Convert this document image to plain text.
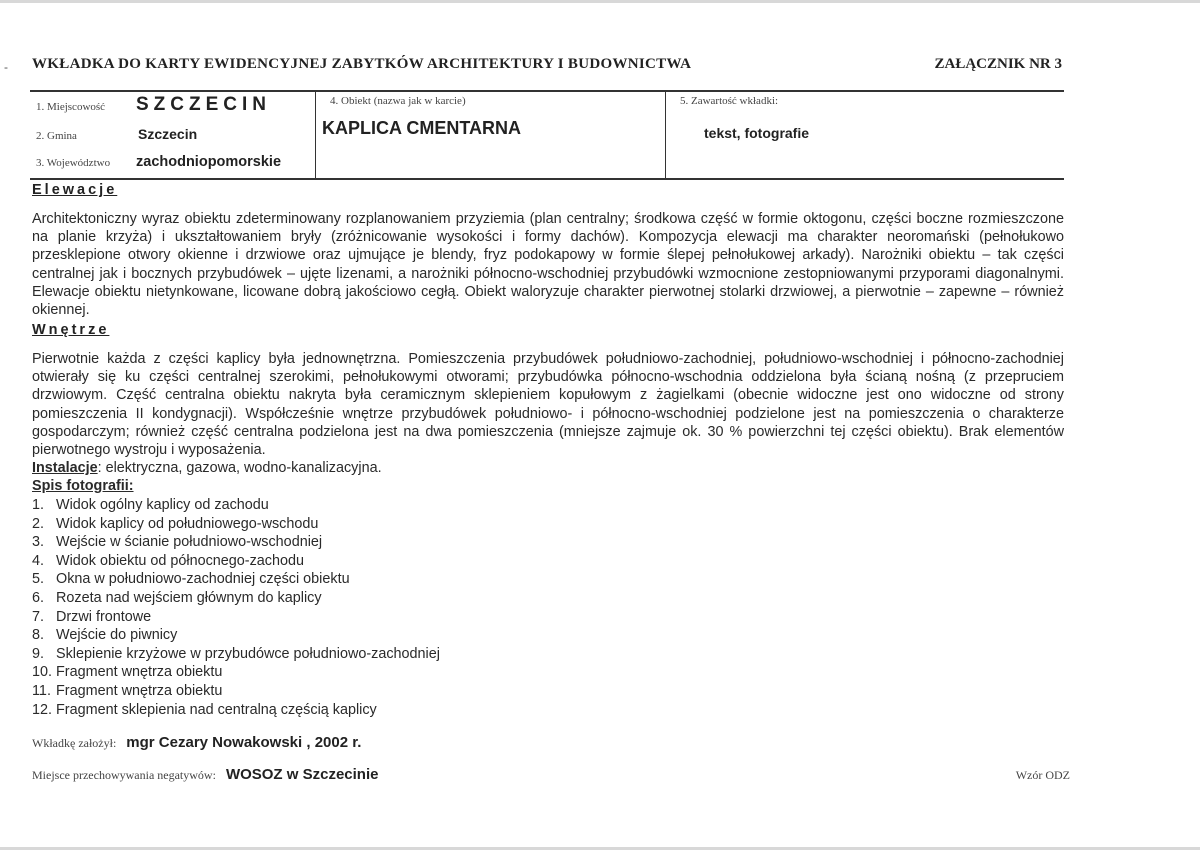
- WKŁADKA DO KARTY EWIDENCYJNEJ ZABYTKÓW ARCHITEKTURY I BUDOWNICTWA	ZAŁĄCZNIK NR 3
1. Miejscowość	SZCZECIN
2. Gmina	Szczecin
3. Województwo	zachodniopomorskie
4. Obiekt (nazwa jak w karcie)
KAPLICA CMENTARNA
5. Zawartość wkładki:
tekst, fotografie
Elewacje
Architektoniczny wyraz obiektu zdeterminowany rozplanowaniem przyziemia (plan centralny; środkowa część w formie oktogonu, części boczne rozmieszczone na planie krzyża) i ukształtowaniem bryły (zróżnicowanie wysokości i formy dachów). Kompozycja elewacji ma charakter neoromański (pełnołukowo przesklepione otwory okienne i drzwiowe oraz ujmujące je blendy, fryz podokapowy w formie ślepej pełnołukowej arkady). Narożniki obiektu – tak części centralnej jak i bocznych przybudówek – ujęte lizenami, a narożniki północno-wschodniej przybudówki wzmocnione zestopniowanymi przyporami diagonalnymi. Elewacje obiektu nietynkowane, licowane dobrą jakościowo cegłą. Obiekt waloryzuje charakter pierwotnej stolarki drzwiowej, a pierwotnie – zapewne – również okiennej.
Wnętrze
Pierwotnie każda z części kaplicy była jednownętrzna. Pomieszczenia przybudówek południowo-zachodniej, południowo-wschodniej i północno-zachodniej otwierały się ku części centralnej szerokimi, pełnołukowymi otworami; przybudówka północno-wschodnia oddzielona była ścianą nośną (z przepruciem drzwiowym. Część centralna obiektu nakryta była ceramicznym sklepieniem kopułowym z żagielkami (obecnie widoczne jest ono widoczne od strony pomieszczenia II kondygnacji). Współcześnie wnętrze przybudówek południowo- i północno-wschodniej podzielone jest na pomieszczenia o charakterze gospodarczym; również część centralna podzielona jest na dwa pomieszczenia (mniejsze zajmuje ok. 30 % powierzchni tej części obiektu). Brak elementów pierwotnego wystroju i wyposażenia.
Instalacje: elektryczna, gazowa, wodno-kanalizacyjna.
Spis fotografii:
1. Widok ogólny kaplicy od zachodu
2. Widok kaplicy od południowego-wschodu
3. Wejście w ścianie południowo-wschodniej
4. Widok obiektu od północnego-zachodu
5. Okna w południowo-zachodniej części obiektu
6. Rozeta nad wejściem głównym do kaplicy
7. Drzwi frontowe
8. Wejście do piwnicy
9. Sklepienie krzyżowe w przybudówce południowo-zachodniej
10. Fragment wnętrza obiektu
11. Fragment wnętrza obiektu
12. Fragment sklepienia nad centralną częścią kaplicy
Wkładkę założył: mgr Cezary Nowakowski , 2002 r.
Miejsce przechowywania negatywów: WOSOZ w Szczecinie	Wzór ODZ
